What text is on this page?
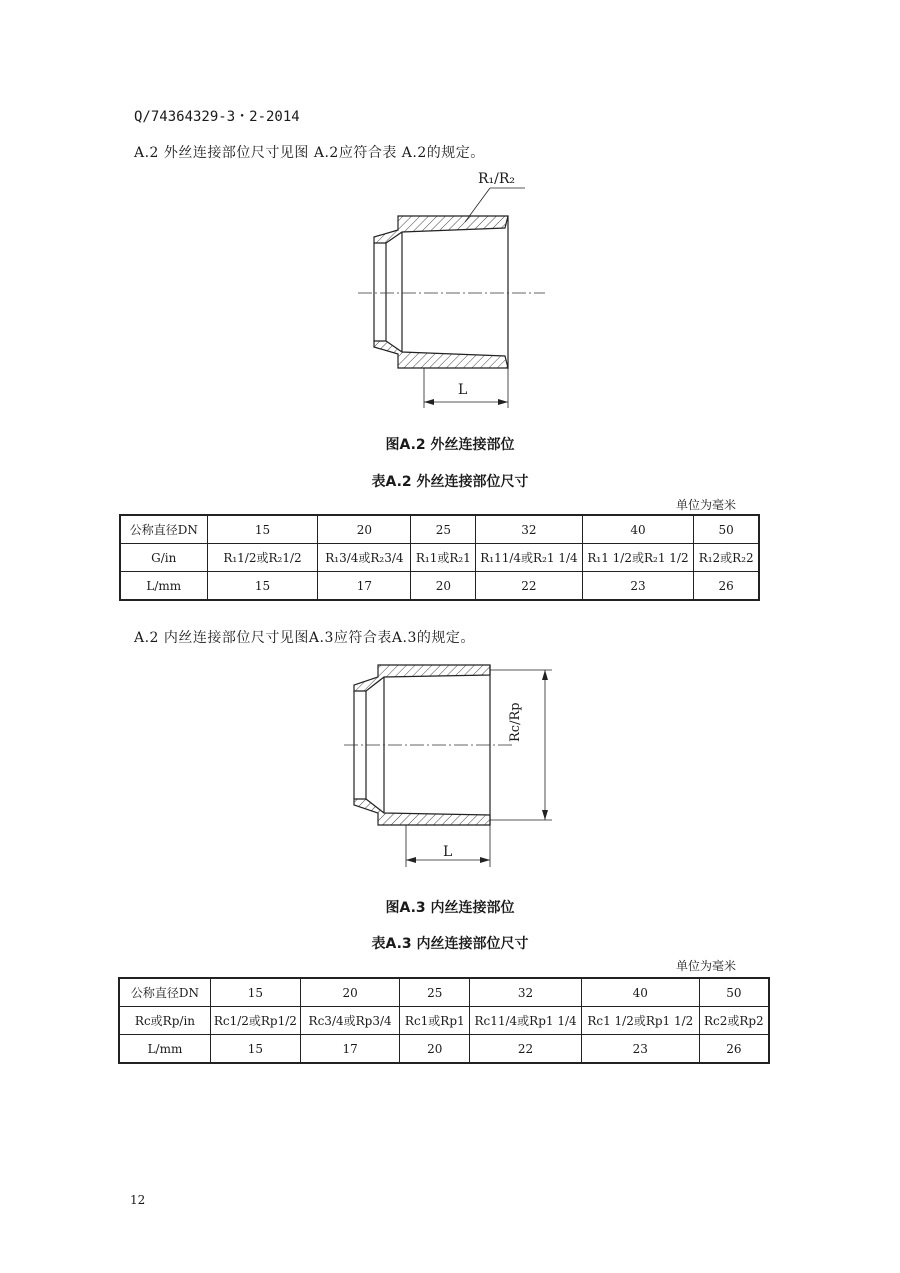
Q/74364329-3・2-2014
A.2 外丝连接部位尺寸见图 A.2应符合表 A.2的规定。
R₁/R₂
L
图A.2 外丝连接部位
表A.2 外丝连接部位尺寸
单位为毫米
公称直径DN	15	20	25	32	40	50
G/in	R₁1/2或R₂1/2	R₁3/4或R₂3/4	R₁1或R₂1	R₁11/4或R₂1 1/4	R₁1 1/2或R₂1 1/2	R₁2或R₂2
L/mm	15	17	20	22	23	26
A.2 内丝连接部位尺寸见图A.3应符合表A.3的规定。
Rc/Rp
L
图A.3 内丝连接部位
表A.3 内丝连接部位尺寸
单位为毫米
公称直径DN	15	20	25	32	40	50
Rc或Rp/in	Rc1/2或Rp1/2	Rc3/4或Rp3/4	Rc1或Rp1	Rc11/4或Rp1 1/4	Rc1 1/2或Rp1 1/2	Rc2或Rp2
L/mm	15	17	20	22	23	26
12
